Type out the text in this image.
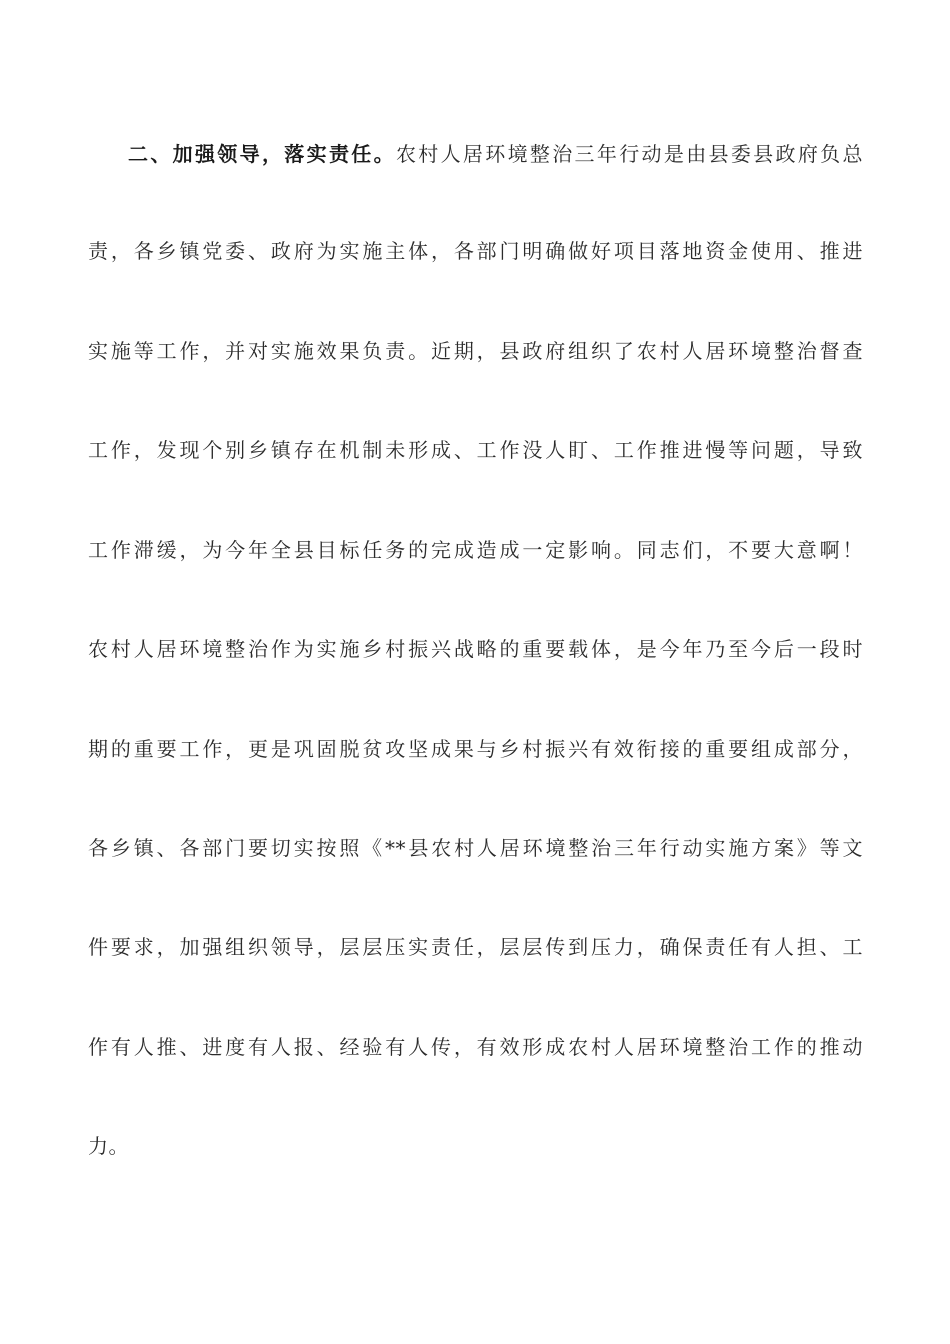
二、加强领导，落实责任。农村人居环境整治三年行动是由县委县政府负总
责，各乡镇党委、政府为实施主体，各部门明确做好项目落地资金使用、推进
实施等工作，并对实施效果负责。近期，县政府组织了农村人居环境整治督查
工作，发现个别乡镇存在机制未形成、工作没人盯、工作推进慢等问题，导致
工作滞缓，为今年全县目标任务的完成造成一定影响。同志们，不要大意啊！
农村人居环境整治作为实施乡村振兴战略的重要载体，是今年乃至今后一段时
期的重要工作，更是巩固脱贫攻坚成果与乡村振兴有效衔接的重要组成部分，
各乡镇、各部门要切实按照《**县农村人居环境整治三年行动实施方案》等文
件要求，加强组织领导，层层压实责任，层层传到压力，确保责任有人担、工
作有人推、进度有人报、经验有人传，有效形成农村人居环境整治工作的推动
力。
